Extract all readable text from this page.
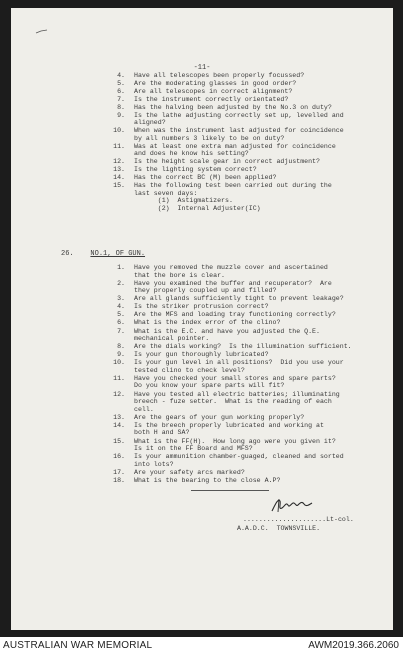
-11-
4. Have all telescopes been properly focussed?
5. Are the moderating glasses in good order?
6. Are all telescopes in correct alignment?
7. Is the instrument correctly orientated?
8. Has the halving been adjusted by the No.3 on duty?
9. Is the lathe adjusting correctly set up, levelled and
aligned?
10. When was the instrument last adjusted for coincidence
by all numbers 3 likely to be on duty?
11. Was at least one extra man adjusted for coincidence
and does he know his setting?
12. Is the height scale gear in correct adjustment?
13. Is the lighting system correct?
14. Has the correct BC (M) been applied?
15. Has the following test been carried out during the
last seven days:
(1)  Astigmatizers.
(2)  Internal Adjuster(IC)
26. NO.1, OF GUN.
1. Have you removed the muzzle cover and ascertained
that the bore is clear.
2. Have you examined the buffer and recuperator?  Are
they properly coupled up and filled?
3. Are all glands sufficiently tight to prevent leakage?
4. Is the striker protrusion correct?
5. Are the MFS and loading tray functioning correctly?
6. What is the index error of the clino?
7. What is the E.C. and have you adjusted the Q.E.
mechanical pointer.
8. Are the dials working?  Is the illumination sufficient.
9. Is your gun thoroughly lubricated?
10. Is your gun level in all positions?  Did you use your
tested clino to check level?
11. Have you checked your small stores and spare parts?
Do you know your spare parts will fit?
12. Have you tested all electric batteries; illuminating
breech - fuze setter.  What is the reading of each
cell.
13. Are the gears of your gun working properly?
14. Is the breech properly lubricated and working at
both H and SA?
15. What is the FF(H).  How long ago were you given it?
Is it on the FF Board and MFS?
16. Is your ammunition chamber-guaged, cleaned and sorted
into lots?
17. Are your safety arcs marked?
18. What is the bearing to the close A.P?
.....................Lt-col.
A.A.D.C.  TOWNSVILLE.
AUSTRALIAN WAR MEMORIAL	AWM2019.366.2060
